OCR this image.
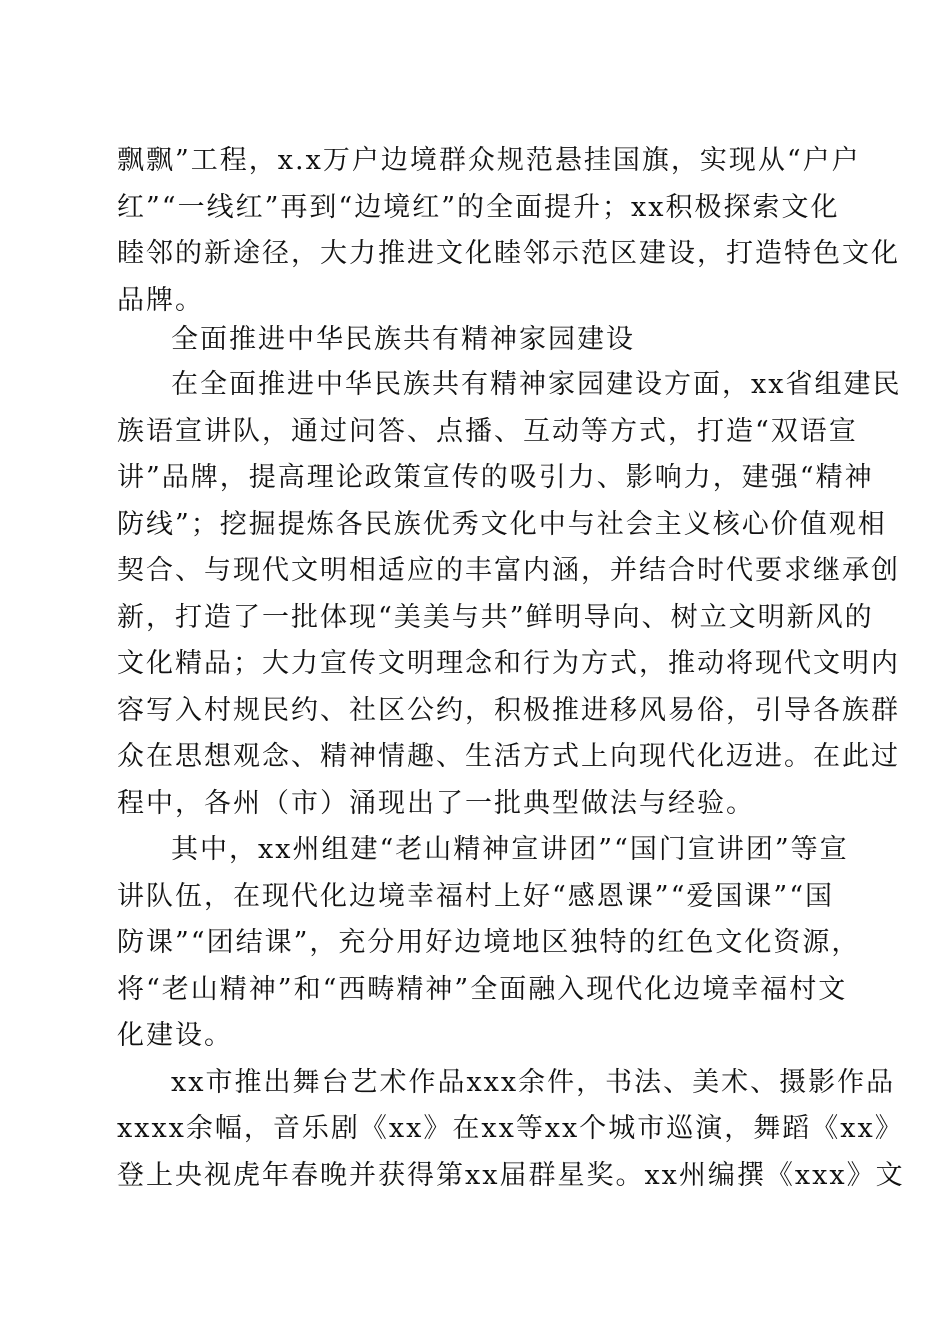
飘飘”工程，x.x万户边境群众规范悬挂国旗，实现从“户户
红”“一线红”再到“边境红”的全面提升；xx积极探索文化
睦邻的新途径，大力推进文化睦邻示范区建设，打造特色文化
品牌。
全面推进中华民族共有精神家园建设
在全面推进中华民族共有精神家园建设方面，xx省组建民
族语宣讲队，通过问答、点播、互动等方式，打造“双语宣
讲”品牌，提高理论政策宣传的吸引力、影响力，建强“精神
防线”；挖掘提炼各民族优秀文化中与社会主义核心价值观相
契合、与现代文明相适应的丰富内涵，并结合时代要求继承创
新，打造了一批体现“美美与共”鲜明导向、树立文明新风的
文化精品；大力宣传文明理念和行为方式，推动将现代文明内
容写入村规民约、社区公约，积极推进移风易俗，引导各族群
众在思想观念、精神情趣、生活方式上向现代化迈进。在此过
程中，各州（市）涌现出了一批典型做法与经验。
其中，xx州组建“老山精神宣讲团”“国门宣讲团”等宣
讲队伍，在现代化边境幸福村上好“感恩课”“爱国课”“国
防课”“团结课”，充分用好边境地区独特的红色文化资源，
将“老山精神”和“西畴精神”全面融入现代化边境幸福村文
化建设。
xx市推出舞台艺术作品xxx余件，书法、美术、摄影作品
xxxx余幅，音乐剧《xx》在xx等xx个城市巡演，舞蹈《xx》
登上央视虎年春晚并获得第xx届群星奖。xx州编撰《xxx》文
